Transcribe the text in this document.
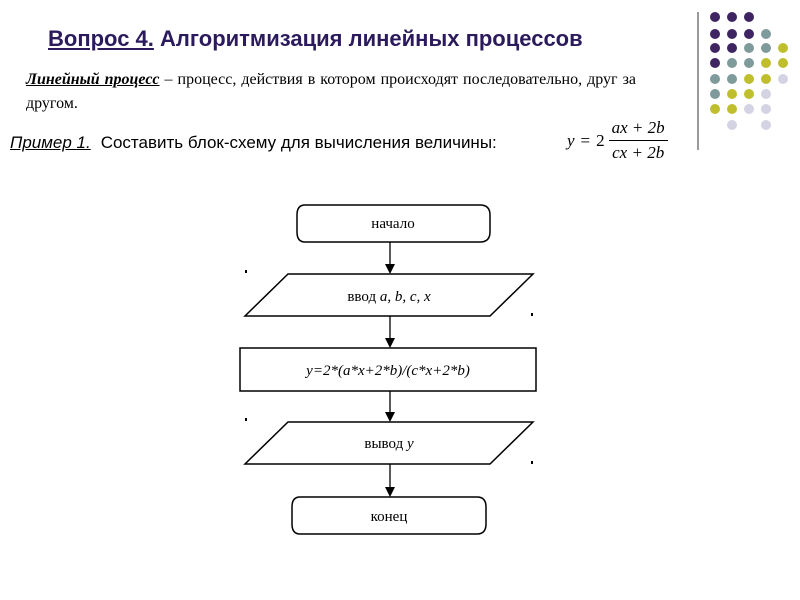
Вопрос 4. Алгоритмизация линейных процессов
Линейный процесс – процесс, действия в котором происходят последовательно, друг за другом.
Пример 1. Составить блок-схему для вычисления величины:	$y = 2 \frac{ax + 2b}{cx + 2b}$
начало
ввод a, b, c, x
y=2*(a*x+2*b)/(c*x+2*b)
вывод y
конец
